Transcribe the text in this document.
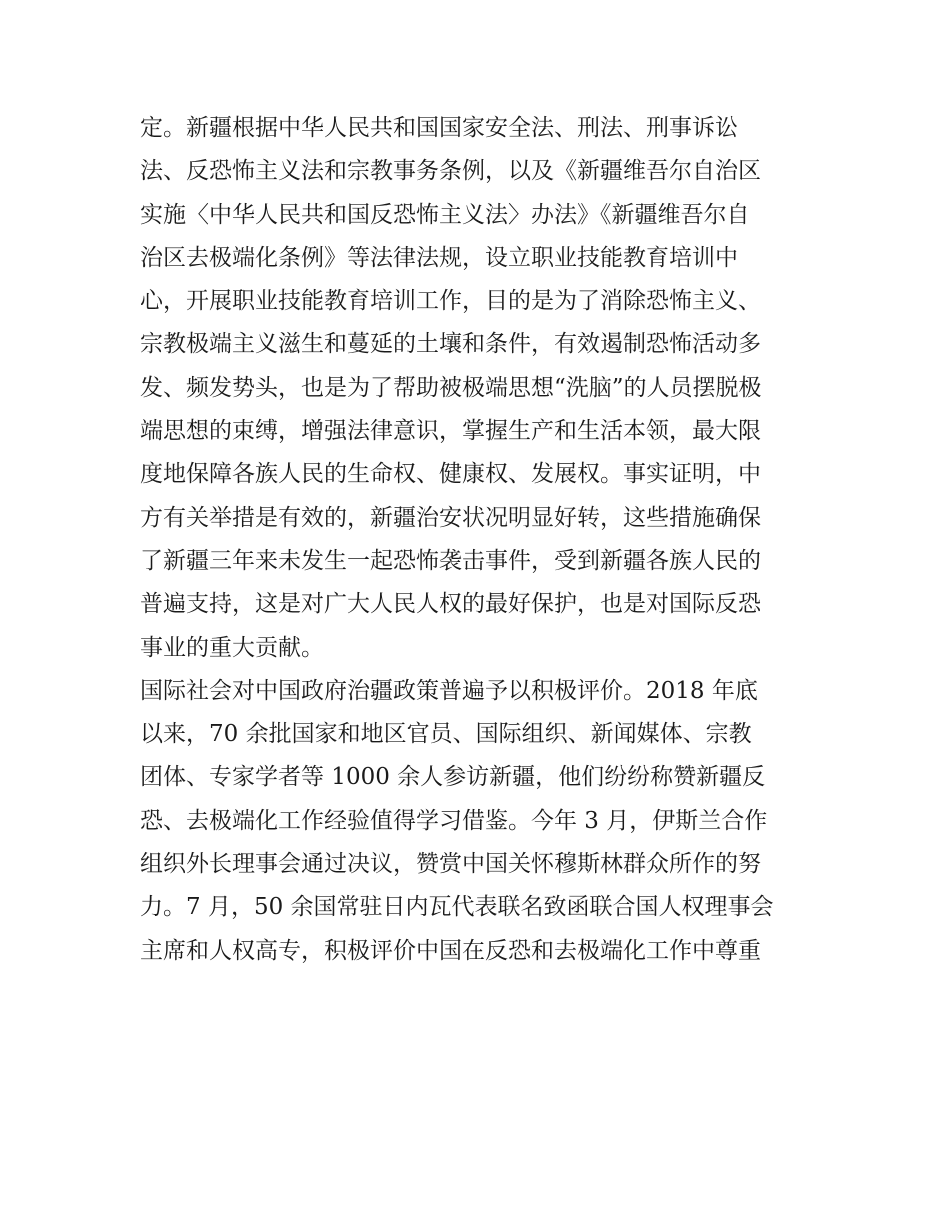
定。新疆根据中华人民共和国国家安全法、刑法、刑事诉讼
法、反恐怖主义法和宗教事务条例，以及《新疆维吾尔自治区
实施〈中华人民共和国反恐怖主义法〉办法》《新疆维吾尔自
治区去极端化条例》等法律法规，设立职业技能教育培训中
心，开展职业技能教育培训工作，目的是为了消除恐怖主义、
宗教极端主义滋生和蔓延的土壤和条件，有效遏制恐怖活动多
发、频发势头，也是为了帮助被极端思想“洗脑”的人员摆脱极
端思想的束缚，增强法律意识，掌握生产和生活本领，最大限
度地保障各族人民的生命权、健康权、发展权。事实证明，中
方有关举措是有效的，新疆治安状况明显好转，这些措施确保
了新疆三年来未发生一起恐怖袭击事件，受到新疆各族人民的
普遍支持，这是对广大人民人权的最好保护，也是对国际反恐
事业的重大贡献。
国际社会对中国政府治疆政策普遍予以积极评价。2018 年底
以来，70 余批国家和地区官员、国际组织、新闻媒体、宗教
团体、专家学者等 1000 余人参访新疆，他们纷纷称赞新疆反
恐、去极端化工作经验值得学习借鉴。今年 3 月，伊斯兰合作
组织外长理事会通过决议，赞赏中国关怀穆斯林群众所作的努
力。7 月，50 余国常驻日内瓦代表联名致函联合国人权理事会
主席和人权高专，积极评价中国在反恐和去极端化工作中尊重
